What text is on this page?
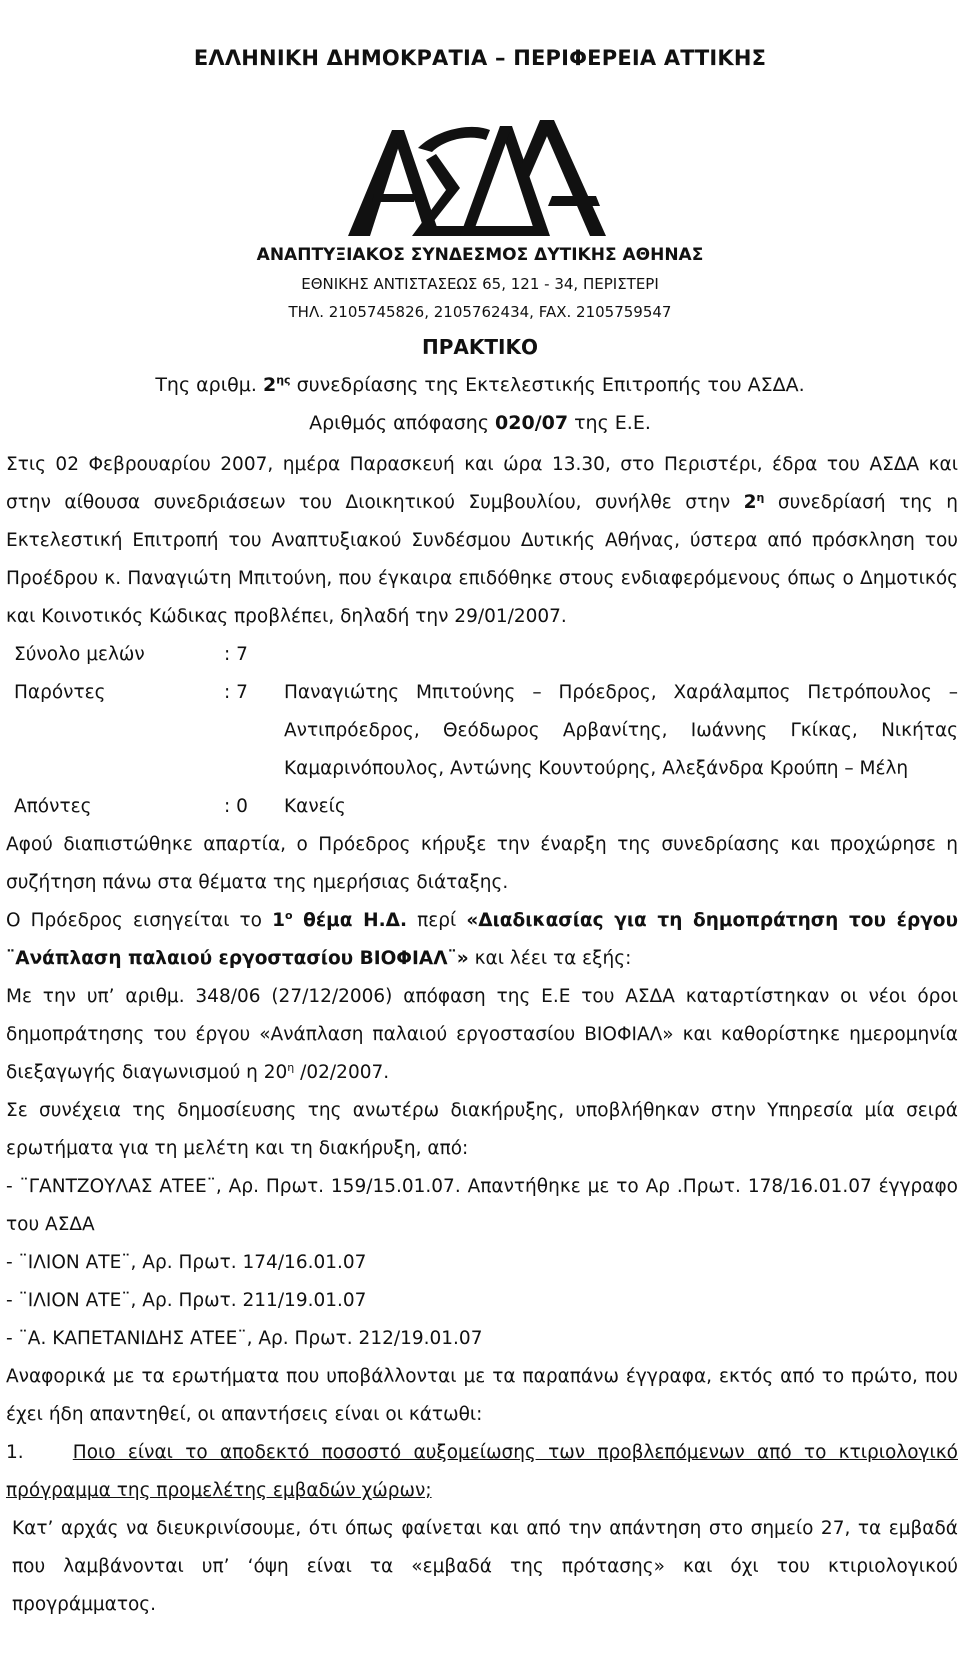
ΕΛΛΗΝΙΚΗ ΔΗΜΟΚΡΑΤΙΑ – ΠΕΡΙΦΕΡΕΙΑ ΑΤΤΙΚΗΣ
ΑΝΑΠΤΥΞΙΑΚΟΣ ΣΥΝΔΕΣΜΟΣ ΔΥΤΙΚΗΣ ΑΘΗΝΑΣ
ΕΘΝΙΚΗΣ ΑΝΤΙΣΤΑΣΕΩΣ 65, 121 - 34, ΠΕΡΙΣΤΕΡΙ
ΤΗΛ. 2105745826, 2105762434, FAX. 2105759547
ΠΡΑΚΤΙΚΟ
Της αριθμ. $2^{\eta\varsigma}$ συνεδρίασης της Εκτελεστικής Επιτροπής του ΑΣΔΑ.
Αριθμός απόφασης 020/07 της Ε.Ε.

Στις 02 Φεβρουαρίου 2007, ημέρα Παρασκευή και ώρα 13.30, στο Περιστέρι, έδρα του ΑΣΔΑ και στην αίθουσα συνεδριάσεων του Διοικητικού Συμβουλίου, συνήλθε στην $2^\eta$ συνεδρίασή της η Εκτελεστική Επιτροπή του Αναπτυξιακού Συνδέσμου Δυτικής Αθήνας, ύστερα από πρόσκληση του Προέδρου κ. Παναγιώτη Μπιτούνη, που έγκαιρα επιδόθηκε στους ενδιαφερόμενους όπως ο Δημοτικός και Κοινοτικός Κώδικας προβλέπει, δηλαδή την 29/01/2007.

Σύνολο μελών	: 7	
Παρόντες	: 7	Παναγιώτης Μπιτούνης – Πρόεδρος, Χαράλαμπος Πετρόπουλος –
Αντιπρόεδρος, Θεόδωρος Αρβανίτης, Ιωάννης Γκίκας, Νικήτας
Καμαρινόπουλος, Αντώνης Κουντούρης, Αλεξάνδρα Κρούπη – Μέλη

Απόντες	: 0	Κανείς

Αφού διαπιστώθηκε απαρτία, ο Πρόεδρος κήρυξε την έναρξη της συνεδρίασης και προχώρησε η συζήτηση πάνω στα θέματα της ημερήσιας διάταξης.

Ο Πρόεδρος εισηγείται το $1^o$ θέμα Η.Δ. περί «Διαδικασίας για τη δημοπράτηση του έργου ¨Ανάπλαση παλαιού εργοστασίου ΒΙΟΦΙΑΛ¨» και λέει τα εξής:

Με την υπ’ αριθμ. 348/06 (27/12/2006) απόφαση της Ε.Ε του ΑΣΔΑ καταρτίστηκαν οι νέοι όροι δημοπράτησης του έργου «Ανάπλαση παλαιού εργοστασίου ΒΙΟΦΙΑΛ» και καθορίστηκε ημερομηνία διεξαγωγής διαγωνισμού η $20^\eta$ /02/2007.

Σε συνέχεια της δημοσίευσης της ανωτέρω διακήρυξης, υποβλήθηκαν στην Υπηρεσία μία σειρά ερωτήματα για τη μελέτη και τη διακήρυξη, από:

- ¨ΓΑΝΤΖΟΥΛΑΣ ΑΤΕΕ¨, Αρ. Πρωτ. 159/15.01.07. Απαντήθηκε με το Αρ .Πρωτ. 178/16.01.07 έγγραφο του ΑΣΔΑ

- ¨ΙΛΙΟΝ ΑΤΕ¨, Αρ. Πρωτ. 174/16.01.07

- ¨ΙΛΙΟΝ ΑΤΕ¨, Αρ. Πρωτ. 211/19.01.07

- ¨Α. ΚΑΠΕΤΑΝΙΔΗΣ ΑΤΕΕ¨, Αρ. Πρωτ. 212/19.01.07

Αναφορικά με τα ερωτήματα που υποβάλλονται με τα παραπάνω έγγραφα, εκτός από το πρώτο, που έχει ήδη απαντηθεί, οι απαντήσεις είναι οι κάτωθι:

1.	Ποιο είναι το αποδεκτό ποσοστό αυξομείωσης των προβλεπόμενων από το κτιριολογικό πρόγραμμα της προμελέτης εμβαδών χώρων;

Κατ’ αρχάς να διευκρινίσουμε, ότι όπως φαίνεται και από την απάντηση στο σημείο 27, τα εμβαδά που λαμβάνονται υπ’ ‘όψη είναι τα «εμβαδά της πρότασης» και όχι του κτιριολογικού προγράμματος.
